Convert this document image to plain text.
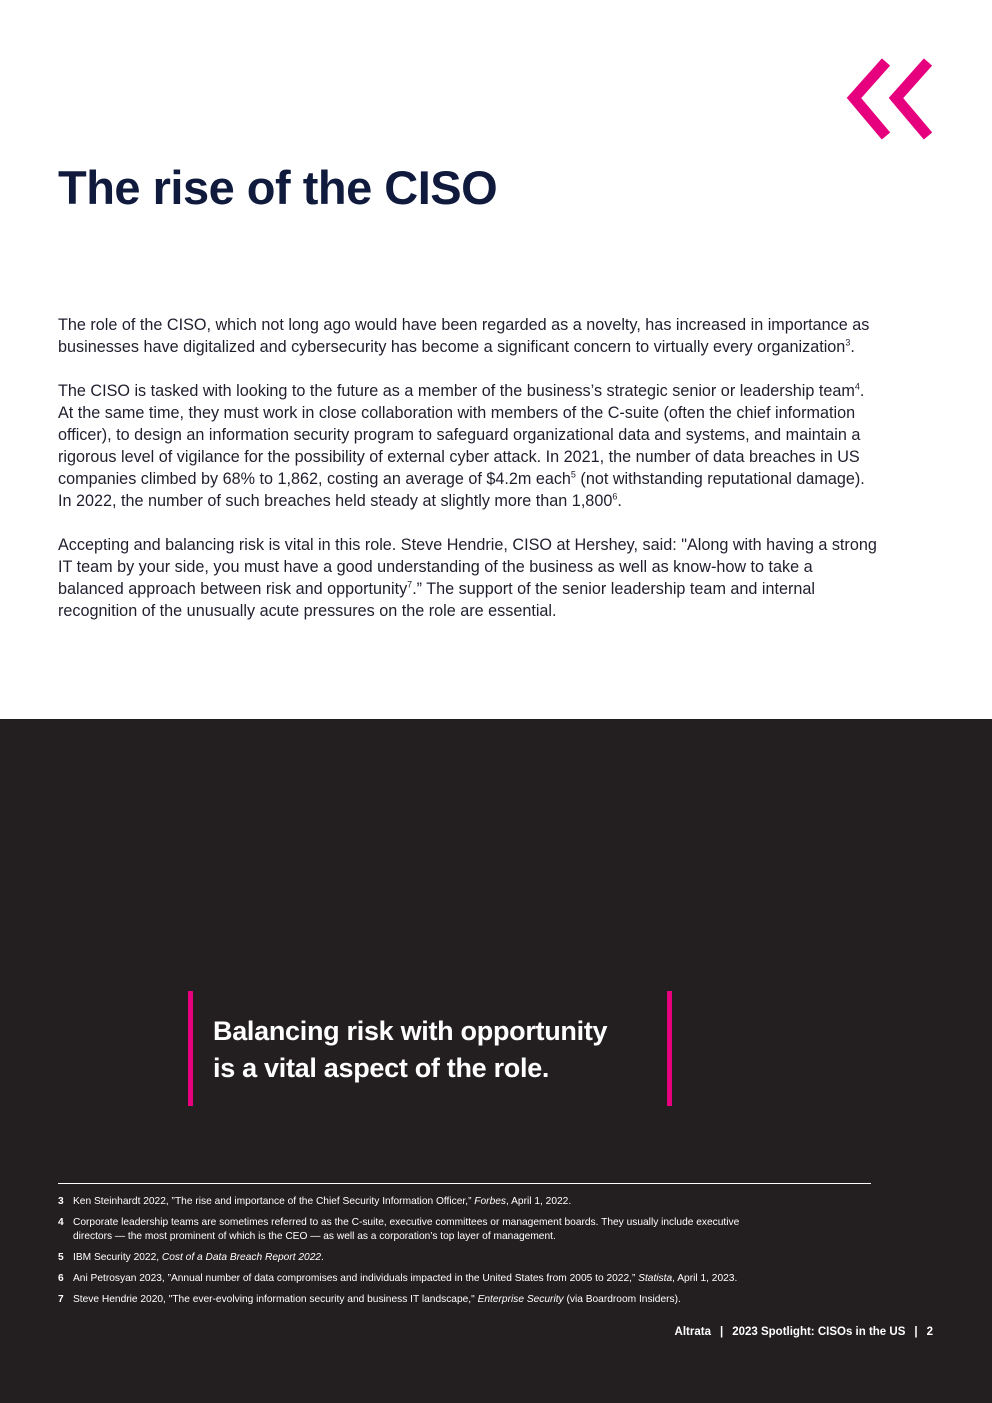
The rise of the CISO

The role of the CISO, which not long ago would have been regarded as a novelty, has increased in importance as businesses have digitalized and cybersecurity has become a significant concern to virtually every organization$^3$.

The CISO is tasked with looking to the future as a member of the business’s strategic senior or leadership team$^4$. At the same time, they must work in close collaboration with members of the C-suite (often the chief information officer), to design an information security program to safeguard organizational data and systems, and maintain a rigorous level of vigilance for the possibility of external cyber attack. In 2021, the number of data breaches in US companies climbed by 68% to 1,862, costing an average of $4.2m each$^5$ (not withstanding reputational damage). In 2022, the number of such breaches held steady at slightly more than 1,800$^6$.

Accepting and balancing risk is vital in this role. Steve Hendrie, CISO at Hershey, said: "Along with having a strong IT team by your side, you must have a good understanding of the business as well as know-how to take a balanced approach between risk and opportunity$^7$.” The support of the senior leadership team and internal recognition of the unusually acute pressures on the role are essential.

Balancing risk with opportunity
is a vital aspect of the role.

3 Ken Steinhardt 2022, ”The rise and importance of the Chief Security Information Officer,” Forbes, April 1, 2022.

4 Corporate leadership teams are sometimes referred to as the C-suite, executive committees or management boards. They usually include executive directors — the most prominent of which is the CEO — as well as a corporation’s top layer of management.

5 IBM Security 2022, Cost of a Data Breach Report 2022.

6 Ani Petrosyan 2023, ”Annual number of data compromises and individuals impacted in the United States from 2005 to 2022,” Statista, April 1, 2023.

7 Steve Hendrie 2020, "The ever-evolving information security and business IT landscape," Enterprise Security (via Boardroom Insiders).

Altrata | 2023 Spotlight: CISOs in the US | 2
